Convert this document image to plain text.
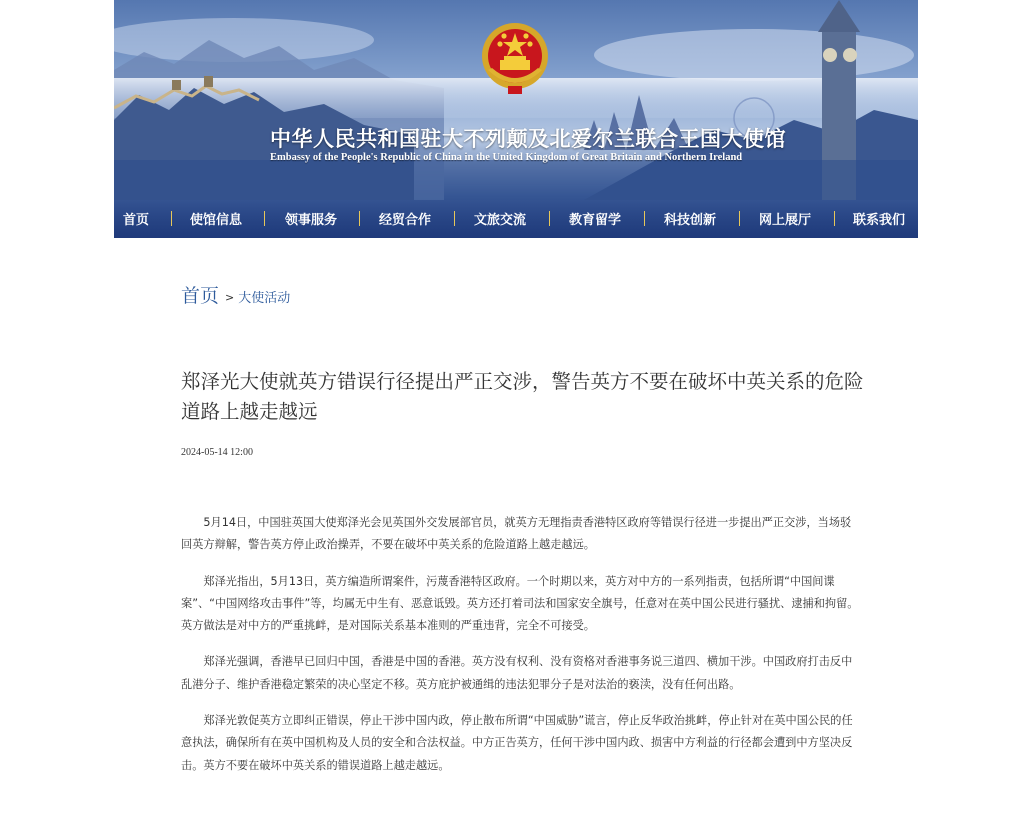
中华人民共和国驻大不列颠及北爱尔兰联合王国大使馆
Embassy of the People's Republic of China in the United Kingdom of Great Britain and Northern Ireland
首页	使馆信息	领事服务	经贸合作	文旅交流	教育留学	科技创新	网上展厅	联系我们
首页 > 大使活动
郑泽光大使就英方错误行径提出严正交涉，警告英方不要在破坏中英关系的危险道路上越走越远
2024-05-14 12:00

5月14日，中国驻英国大使郑泽光会见英国外交发展部官员，就英方无理指责香港特区政府等错误行径进一步提出严正交涉，当场驳回英方辩解，警告英方停止政治操弄，不要在破坏中英关系的危险道路上越走越远。

郑泽光指出，5月13日，英方编造所谓案件，污蔑香港特区政府。一个时期以来，英方对中方的一系列指责，包括所谓“中国间谍案”、“中国网络攻击事件”等，均属无中生有、恶意诋毁。英方还打着司法和国家安全旗号，任意对在英中国公民进行骚扰、逮捕和拘留。英方做法是对中方的严重挑衅，是对国际关系基本准则的严重违背，完全不可接受。

郑泽光强调，香港早已回归中国，香港是中国的香港。英方没有权利、没有资格对香港事务说三道四、横加干涉。中国政府打击反中乱港分子、维护香港稳定繁荣的决心坚定不移。英方庇护被通缉的违法犯罪分子是对法治的亵渎，没有任何出路。

郑泽光敦促英方立即纠正错误，停止干涉中国内政，停止散布所谓“中国威胁”谎言，停止反华政治挑衅，停止针对在英中国公民的任意执法，确保所有在英中国机构及人员的安全和合法权益。中方正告英方，任何干涉中国内政、损害中方利益的行径都会遭到中方坚决反击。英方不要在破坏中英关系的错误道路上越走越远。
